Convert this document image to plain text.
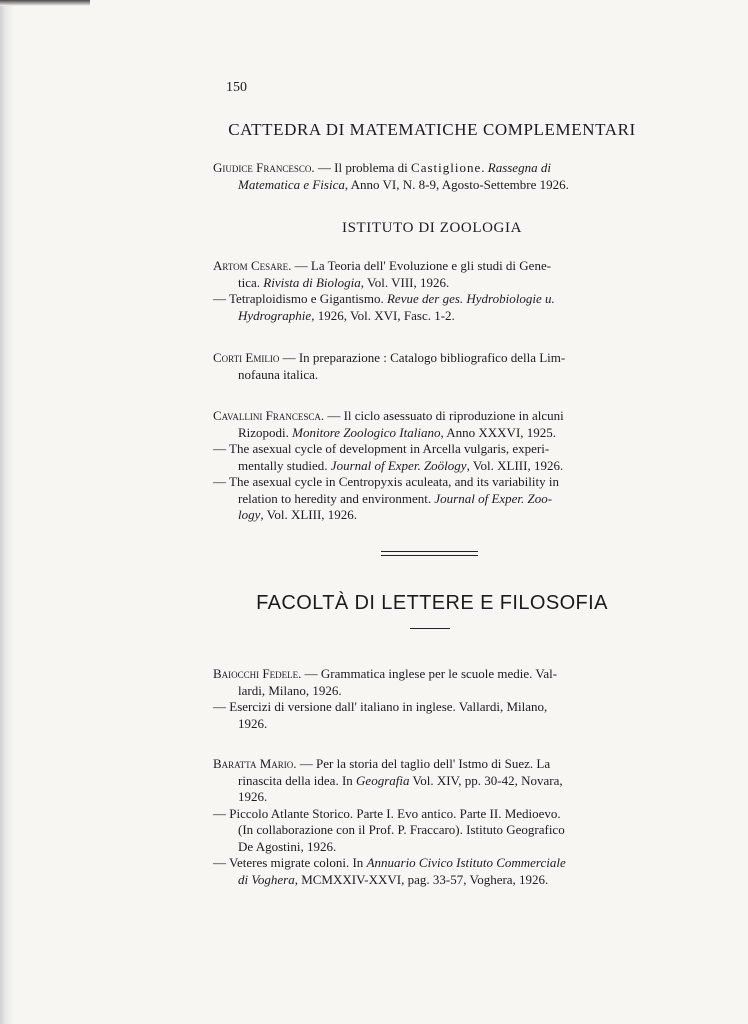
150
CATTEDRA DI MATEMATICHE COMPLEMENTARI
Giudice Francesco. — Il problema di Castiglione. Rassegna di
Matematica e Fisica, Anno VI, N. 8-9, Agosto-Settembre 1926.
ISTITUTO DI ZOOLOGIA
Artom Cesare. — La Teoria dell' Evoluzione e gli studi di Gene-
tica. Rivista di Biologia, Vol. VIII, 1926.
— Tetraploidismo e Gigantismo. Revue der ges. Hydrobiologie u.
Hydrographie, 1926, Vol. XVI, Fasc. 1-2.
Corti Emilio — In preparazione : Catalogo bibliografico della Lim-
nofauna italica.
Cavallini Francesca. — Il ciclo asessuato di riproduzione in alcuni
Rizopodi. Monitore Zoologico Italiano, Anno XXXVI, 1925.
— The asexual cycle of development in Arcella vulgaris, experi-
mentally studied. Journal of Exper. Zoölogy, Vol. XLIII, 1926.
— The asexual cycle in Centropyxis aculeata, and its variability in
relation to heredity and environment. Journal of Exper. Zoo-
logy, Vol. XLIII, 1926.
FACOLTÀ DI LETTERE E FILOSOFIA
Baiocchi Fedele. — Grammatica inglese per le scuole medie. Val-
lardi, Milano, 1926.
— Esercizi di versione dall' italiano in inglese. Vallardi, Milano,
1926.
Baratta Mario. — Per la storia del taglio dell' Istmo di Suez. La
rinascita della idea. In Geografia Vol. XIV, pp. 30-42, Novara,
1926.
— Piccolo Atlante Storico. Parte I. Evo antico. Parte II. Medioevo.
(In collaborazione con il Prof. P. Fraccaro). Istituto Geografico
De Agostini, 1926.
— Veteres migrate coloni. In Annuario Civico Istituto Commerciale
di Voghera, MCMXXIV-XXVI, pag. 33-57, Voghera, 1926.
